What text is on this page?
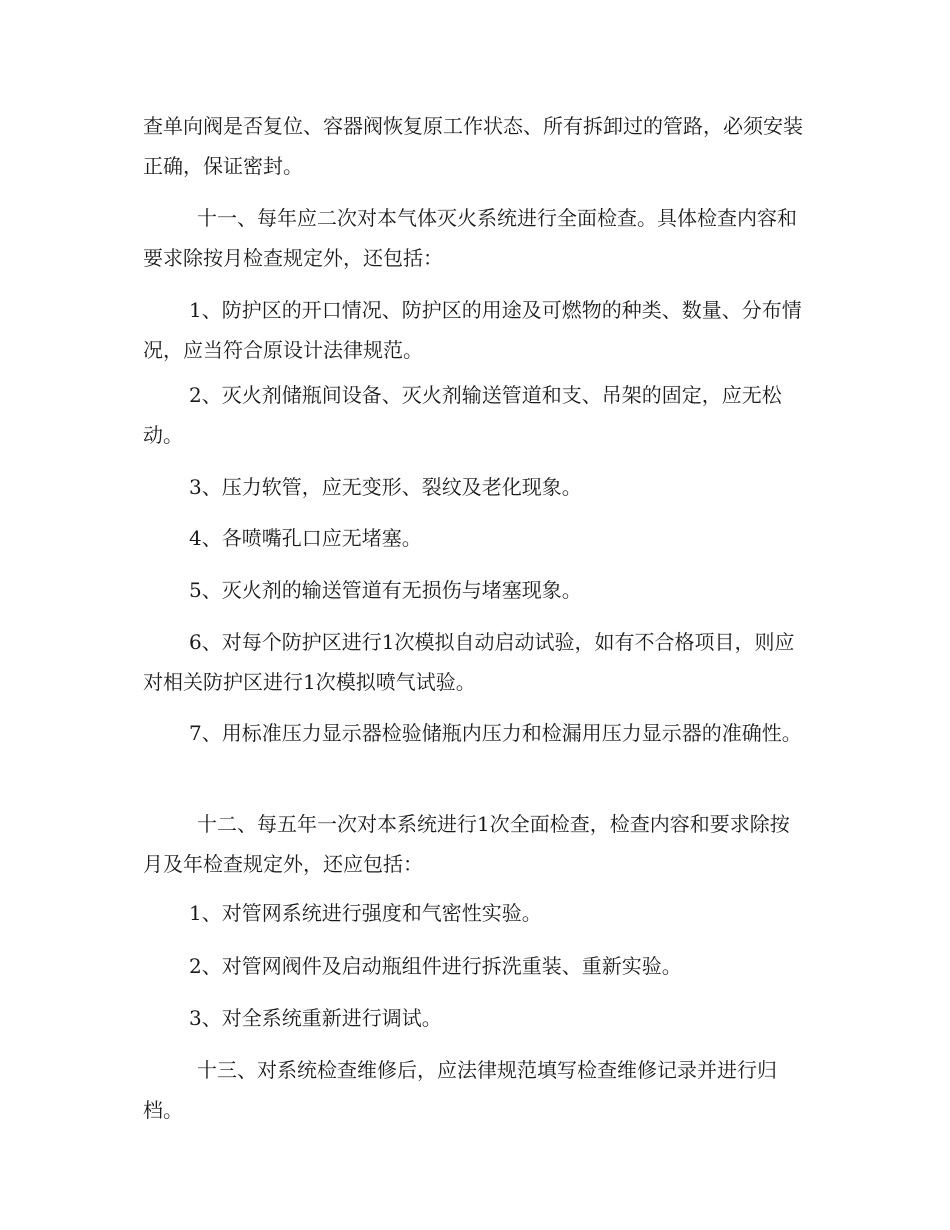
查单向阀是否复位、容器阀恢复原工作状态、所有拆卸过的管路，必须安装正确，保证密封。

十一、每年应二次对本气体灭火系统进行全面检查。具体检查内容和要求除按月检查规定外，还包括：

1、防护区的开口情况、防护区的用途及可燃物的种类、数量、分布情况，应当符合原设计法律规范。

2、灭火剂储瓶间设备、灭火剂输送管道和支、吊架的固定，应无松动。

3、压力软管，应无变形、裂纹及老化现象。

4、各喷嘴孔口应无堵塞。

5、灭火剂的输送管道有无损伤与堵塞现象。

6、对每个防护区进行1次模拟自动启动试验，如有不合格项目，则应对相关防护区进行1次模拟喷气试验。

7、用标准压力显示器检验储瓶内压力和检漏用压力显示器的准确性。

十二、每五年一次对本系统进行1次全面检查，检查内容和要求除按月及年检查规定外，还应包括：

1、对管网系统进行强度和气密性实验。

2、对管网阀件及启动瓶组件进行拆洗重装、重新实验。

3、对全系统重新进行调试。

十三、对系统检查维修后，应法律规范填写检查维修记录并进行归档。
